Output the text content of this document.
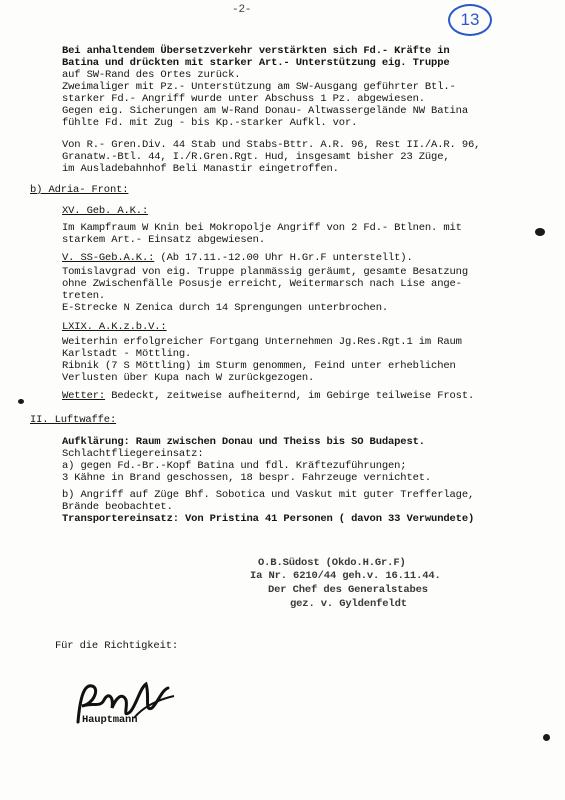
13
-2-
Bei anhaltendem Übersetzverkehr verstärkten sich Fd.- Kräfte in
Batina und drückten mit starker Art.- Unterstützung eig. Truppe
auf SW-Rand des Ortes zurück.
Zweimaliger mit Pz.- Unterstützung am SW-Ausgang geführter Btl.-
starker Fd.- Angriff wurde unter Abschuss 1 Pz. abgewiesen.
Gegen eig. Sicherungen am W-Rand Donau- Altwassergelände NW Batina
fühlte Fd. mit Zug - bis Kp.-starker Aufkl. vor.
Von R.- Gren.Div. 44 Stab und Stabs-Bttr. A.R. 96, Rest II./A.R. 96,
Granatw.-Btl. 44, I./R.Gren.Rgt. Hud, insgesamt bisher 23 Züge,
im Ausladebahnhof Beli Manastir eingetroffen.
b) Adria- Front:
XV. Geb. A.K.:
Im Kampfraum W Knin bei Mokropolje Angriff von 2 Fd.- Btlnen. mit
starkem Art.- Einsatz abgewiesen.
V. SS-Geb.A.K.: (Ab 17.11.-12.00 Uhr H.Gr.F unterstellt).
Tomislavgrad von eig. Truppe planmässig geräumt, gesamte Besatzung
ohne Zwischenfälle Posusje erreicht, Weitermarsch nach Lise ange-
treten.
E-Strecke N Zenica durch 14 Sprengungen unterbrochen.
LXIX. A.K.z.b.V.:
Weiterhin erfolgreicher Fortgang Unternehmen Jg.Res.Rgt.1 im Raum
Karlstadt - Möttling.
Ribnik (7 S Möttling) im Sturm genommen, Feind unter erheblichen
Verlusten über Kupa nach W zurückgezogen.
Wetter: Bedeckt, zeitweise aufheiternd, im Gebirge teilweise Frost.
II. Luftwaffe:
Aufklärung: Raum zwischen Donau und Theiss bis SO Budapest.
Schlachtfliegereinsatz:
a) gegen Fd.-Br.-Kopf Batina und fdl. Kräftezuführungen;
3 Kähne in Brand geschossen, 18 bespr. Fahrzeuge vernichtet.
b) Angriff auf Züge Bhf. Sobotica und Vaskut mit guter Trefferlage,
Brände beobachtet.
Transportereinsatz: Von Pristina 41 Personen ( davon 33 Verwundete)
O.B.Südost (Okdo.H.Gr.F)
Ia Nr. 6210/44 geh.v. 16.11.44.
Der Chef des Generalstabes
gez. v. Gyldenfeldt
Für die Richtigkeit:
Hauptmann
